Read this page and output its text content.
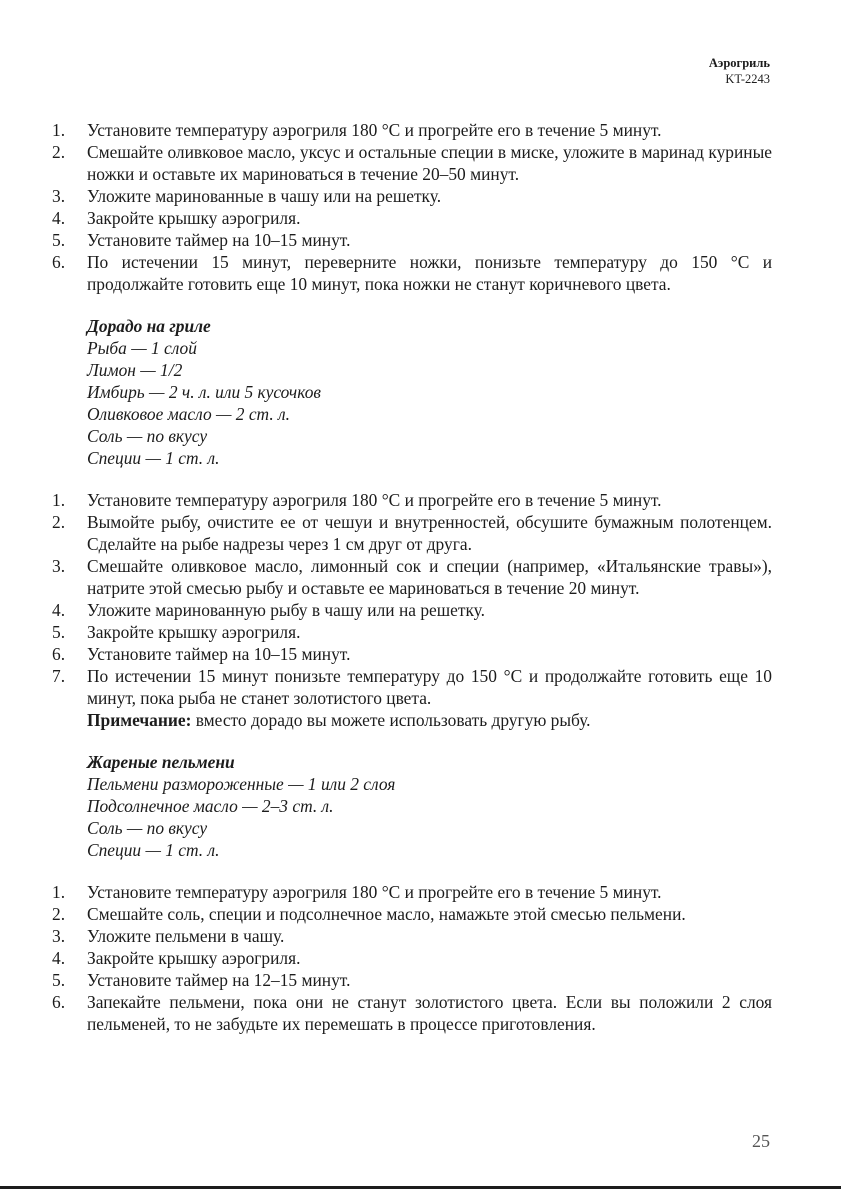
Аэрогриль
KT-2243
1. Установите температуру аэрогриля 180 °C и прогрейте его в течение 5 минут.
2. Смешайте оливковое масло, уксус и остальные специи в миске, уложите в маринад куриные ножки и оставьте их мариноваться в течение 20–50 минут.
3. Уложите маринованные в чашу или на решетку.
4. Закройте крышку аэрогриля.
5. Установите таймер на 10–15 минут.
6. По истечении 15 минут, переверните ножки, понизьте температуру до 150 °C и продолжайте готовить еще 10 минут, пока ножки не станут коричневого цвета.
Дорадо на гриле
Рыба — 1 слой
Лимон — 1/2
Имбирь — 2 ч. л. или 5 кусочков
Оливковое масло — 2 ст. л.
Соль — по вкусу
Специи — 1 ст. л.
1. Установите температуру аэрогриля 180 °C и прогрейте его в течение 5 минут.
2. Вымойте рыбу, очистите ее от чешуи и внутренностей, обсушите бумажным полотенцем. Сделайте на рыбе надрезы через 1 см друг от друга.
3. Смешайте оливковое масло, лимонный сок и специи (например, «Итальянские травы»), натрите этой смесью рыбу и оставьте ее мариноваться в течение 20 минут.
4. Уложите маринованную рыбу в чашу или на решетку.
5. Закройте крышку аэрогриля.
6. Установите таймер на 10–15 минут.
7. По истечении 15 минут понизьте температуру до 150 °C и продолжайте готовить еще 10 минут, пока рыба не станет золотистого цвета.
Примечание: вместо дорадо вы можете использовать другую рыбу.
Жареные пельмени
Пельмени размороженные — 1 или 2 слоя
Подсолнечное масло — 2–3 ст. л.
Соль — по вкусу
Специи — 1 ст. л.
1. Установите температуру аэрогриля 180 °C и прогрейте его в течение 5 минут.
2. Смешайте соль, специи и подсолнечное масло, намажьте этой смесью пельмени.
3. Уложите пельмени в чашу.
4. Закройте крышку аэрогриля.
5. Установите таймер на 12–15 минут.
6. Запекайте пельмени, пока они не станут золотистого цвета. Если вы положили 2 слоя пельменей, то не забудьте их перемешать в процессе приготовления.
25
